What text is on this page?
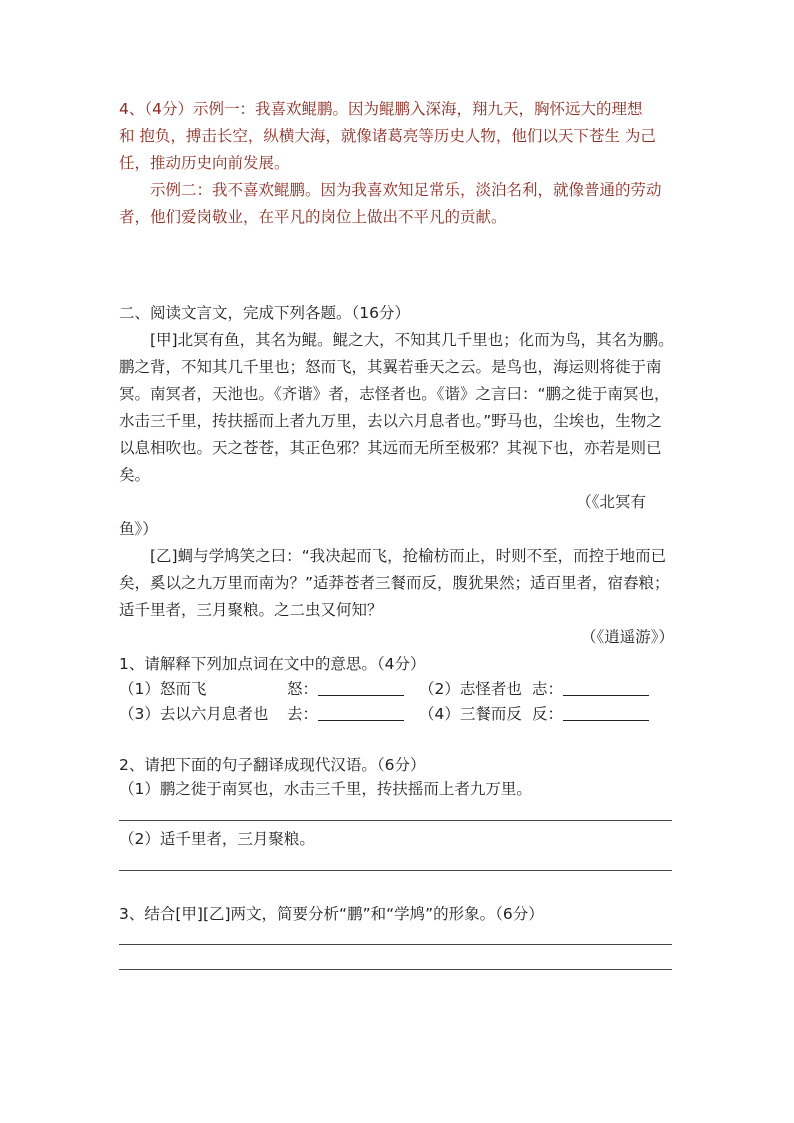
4、（4分）示例一：我喜欢鲲鹏。因为鲲鹏入深海，翔九天，胸怀远大的理想
和 抱负，搏击长空，纵横大海，就像诸葛亮等历史人物，他们以天下苍生 为己
任，推动历史向前发展。
示例二：我不喜欢鲲鹏。因为我喜欢知足常乐，淡泊名利，就像普通的劳动者，他们爱岗敬业，在平凡的岗位上做出不平凡的贡献。
二、阅读文言文，完成下列各题。（16分）
[甲]北冥有鱼，其名为鲲。鲲之大，不知其几千里也；化而为鸟，其名为鹏。鹏之背，不知其几千里也；怒而飞，其翼若垂天之云。是鸟也，海运则将徙于南冥。南冥者，天池也。《齐谐》者，志怪者也。《谐》之言曰：“鹏之徙于南冥也，水击三千里，抟扶摇而上者九万里，去以六月息者也。”野马也，尘埃也，生物之以息相吹也。天之苍苍，其正色邪？其远而无所至极邪？其视下也，亦若是则已矣。
（《北冥有
鱼》）
[乙]蜩与学鸠笑之曰：“我决起而飞，抢榆枋而止，时则不至，而控于地而已矣，奚以之九万里而南为？”适莽苍者三餐而反，腹犹果然；适百里者，宿舂粮；适千里者，三月聚粮。之二虫又何知？
（《逍遥游》）
1、请解释下列加点词在文中的意思。（4分）
（1）怒而飞	怒：	（2）志怪者也 志：
（3）去以六月息者也 去：	（4）三餐而反 反：
2、请把下面的句子翻译成现代汉语。（6分）
（1）鹏之徙于南冥也，水击三千里，抟扶摇而上者九万里。
（2）适千里者，三月聚粮。
3、结合[甲][乙]两文，简要分析“鹏”和“学鸠”的形象。（6分）
